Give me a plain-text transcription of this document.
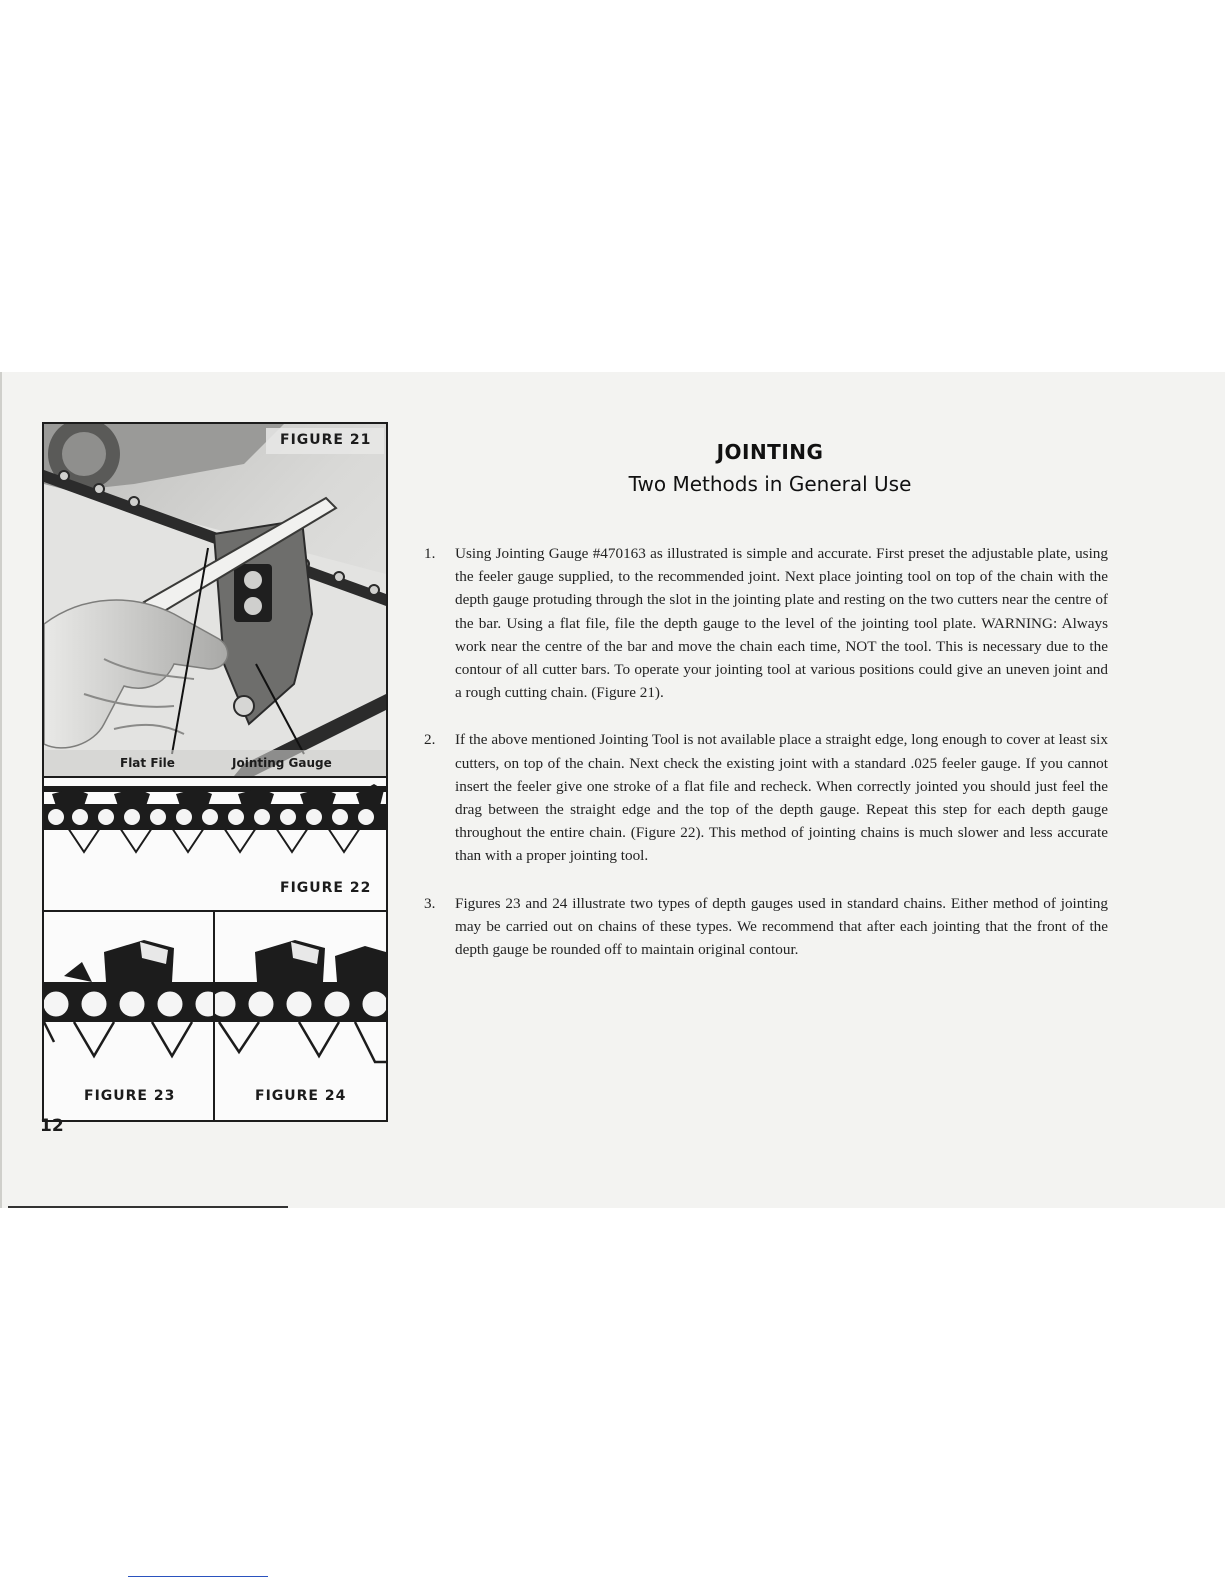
FIGURE 21
Flat File	Jointing Gauge
FIGURE 22
FIGURE 23	FIGURE 24
12
JOINTING
Two Methods in General Use
1. Using Jointing Gauge #470163 as illustrated is simple and accurate. First preset the adjustable plate, using the feeler gauge supplied, to the recommended joint. Next place jointing tool on top of the chain with the depth gauge protuding through the slot in the jointing plate and resting on the two cutters near the centre of the bar. Using a flat file, file the depth gauge to the level of the jointing tool plate. WARNING: Always work near the centre of the bar and move the chain each time, NOT the tool. This is necessary due to the contour of all cutter bars. To operate your jointing tool at various positions could give an uneven joint and a rough cutting chain. (Figure 21).

2. If the above mentioned Jointing Tool is not available place a straight edge, long enough to cover at least six cutters, on top of the chain. Next check the existing joint with a standard .025 feeler gauge. If you cannot insert the feeler give one stroke of a flat file and recheck. When correctly jointed you should just feel the drag between the straight edge and the top of the depth gauge. Repeat this step for each depth gauge throughout the entire chain. (Figure 22). This method of jointing chains is much slower and less accurate than with a proper jointing tool.

3. Figures 23 and 24 illustrate two types of depth gauges used in standard chains. Either method of jointing may be carried out on chains of these types. We recommend that after each jointing that the front of the depth gauge be rounded off to maintain original contour.
